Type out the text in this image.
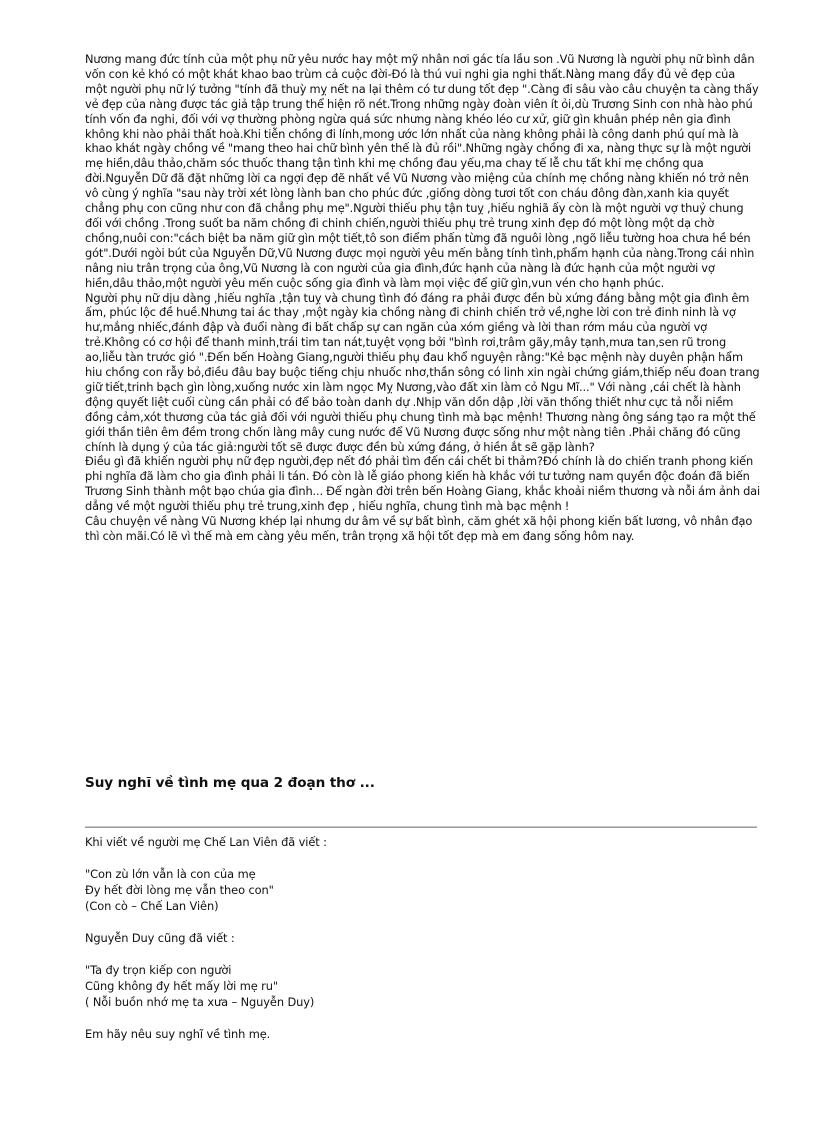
Nương mang đức tính của một phụ nữ yêu nước hay một mỹ nhân nơi gác tía lầu son .Vũ Nương là người phụ nữ bình dân vốn con kẻ khó có một khát khao bao trùm cả cuộc đời-Đó là thú vui nghi gia nghi thất.Nàng mang đầy đủ vẻ đẹp của một người phụ nữ lý tưởng "tính đã thuỳ mỵ nết na lại thêm có tư dung tốt đẹp ".Càng đi sâu vào câu chuyện ta càng thấy vẻ đẹp của nàng được tác giả tập trung thể hiện rõ nét.Trong những ngày đoàn viên ít ỏi,dù Trương Sinh con nhà hào phú tính vốn đa nghi, đối với vợ thường phòng ngừa quá sức nhưng nàng khéo léo cư xử, giữ gìn khuân phép nên gia đình không khi nào phải thất hoà.Khi tiễn chồng đi lính,mong ước lớn nhất của nàng không phải là công danh phú quí mà là khao khát ngày chồng về "mang theo hai chữ bình yên thế là đủ rồi".Những ngày chồng đi xa, nàng thực sự là một người mẹ hiền,dâu thảo,chăm sóc thuốc thang tận tình khi mẹ chồng đau yếu,ma chay tế lễ chu tất khi mẹ chồng qua đời.Nguyễn Dữ đã đặt những lời ca ngợi đẹp đẽ nhất về Vũ Nương vào miệng của chính mẹ chồng nàng khiến nó trở nên vô cùng ý nghĩa "sau này trời xét lòng lành ban cho phúc đức ,giống dòng tươi tốt con cháu đông đàn,xanh kia quyết chẳng phụ con cũng như con đã chẳng phụ mẹ".Người thiếu phụ tận tuỵ ,hiếu nghiã ấy còn là một người vợ thuỷ chung đối với chồng .Trong suốt ba năm chồng đi chinh chiến,người thiếu phụ trẻ trung xinh đẹp đó một lòng một dạ chờ chồng,nuôi con:"cách biệt ba năm giữ gìn một tiết,tô son điểm phấn từng đã nguôi lòng ,ngõ liễu tường hoa chưa hề bén gót".Dưới ngòi bút của Nguyễn Dữ,Vũ Nương được mọi người yêu mến bằng tính tình,phẩm hạnh của nàng.Trong cái nhìn nâng niu trân trọng của ông,Vũ Nương là con người của gia đình,đức hạnh của nàng là đức hạnh của một người vợ hiền,dâu thảo,một người yêu mến cuộc sống gia đình và làm mọi việc để giữ gìn,vun vén cho hạnh phúc.

Người phụ nữ dịu dàng ,hiếu nghĩa ,tận tuỵ và chung tình đó đáng ra phải được đền bù xứng đáng bằng một gia đình êm ấm, phúc lộc đề huề.Nhưng tai ác thay ,một ngày kia chồng nàng đi chinh chiến trở về,nghe lời con trẻ đinh ninh là vợ hư,mắng nhiếc,đánh đập và đuổi nàng đi bất chấp sự can ngăn của xóm giềng và lời than rớm máu của người vợ trẻ.Không có cơ hội để thanh minh,trái tim tan nát,tuyệt vọng bởi "bình rơi,trâm gãy,mây tạnh,mưa tan,sen rũ trong ao,liễu tàn trước gió ".Đến bến Hoàng Giang,người thiếu phụ đau khổ nguyện rằng:"Kẻ bạc mệnh này duyên phận hẩm hiu chồng con rẫy bỏ,điều đâu bay buộc tiếng chịu nhuốc nhơ,thần sông có linh xin ngài chứng giám,thiếp nếu đoan trang giữ tiết,trinh bạch gìn lòng,xuống nước xin làm ngọc Mỵ Nương,vào đất xin làm cỏ Ngu Mĩ..." Với nàng ,cái chết là hành động quyết liệt cuối cùng cần phải có để bảo toàn danh dự .Nhịp văn dồn dập ,lời văn thống thiết như cực tả nỗi niềm đồng cảm,xót thương của tác giả đối với người thiếu phụ chung tình mà bạc mệnh! Thương nàng ông sáng tạo ra một thế giới thần tiên êm đềm trong chốn làng mây cung nước để Vũ Nương được sống như một nàng tiên .Phải chăng đó cũng chính là dụng ý của tác giả:người tốt sẽ được được đền bù xứng đáng, ở hiền ắt sẽ gặp lành?

Điều gì đã khiến người phụ nữ đẹp người,đẹp nết đó phải tìm đến cái chết bi thảm?Đó chính là do chiến tranh phong kiến phi nghĩa đã làm cho gia đình phải li tán. Đó còn là lễ giáo phong kiến hà khắc với tư tưởng nam quyền độc đoán đã biến Trương Sinh thành một bạo chúa gia đình... Để ngàn đời trên bến Hoàng Giang, khắc khoải niềm thương và nỗi ám ảnh dai dẳng về một người thiếu phụ trẻ trung,xinh đẹp , hiếu nghĩa, chung tình mà bạc mệnh !

Câu chuyện về nàng Vũ Nương khép lại nhưng dư âm về sự bất bình, căm ghét xã hội phong kiến bất lương, vô nhân đạo thì còn mãi.Có lẽ vì thế mà em càng yêu mến, trân trọng xã hội tốt đẹp mà em đang sống hôm nay.

Suy nghĩ về tình mẹ qua 2 đoạn thơ ...

Khi viết về người mẹ Chế Lan Viên đã viết :

"Con zù lớn vẫn là con của mẹ

Đy hết đời lòng mẹ vẫn theo con"

(Con cò – Chế Lan Viên)

Nguyễn Duy cũng đã viết :

"Ta đy trọn kiếp con người

Cũng không đy hết mấy lời mẹ ru"

( Nỗi buồn nhớ mẹ ta xưa – Nguyễn Duy)

Em hãy nêu suy nghĩ về tình mẹ.
